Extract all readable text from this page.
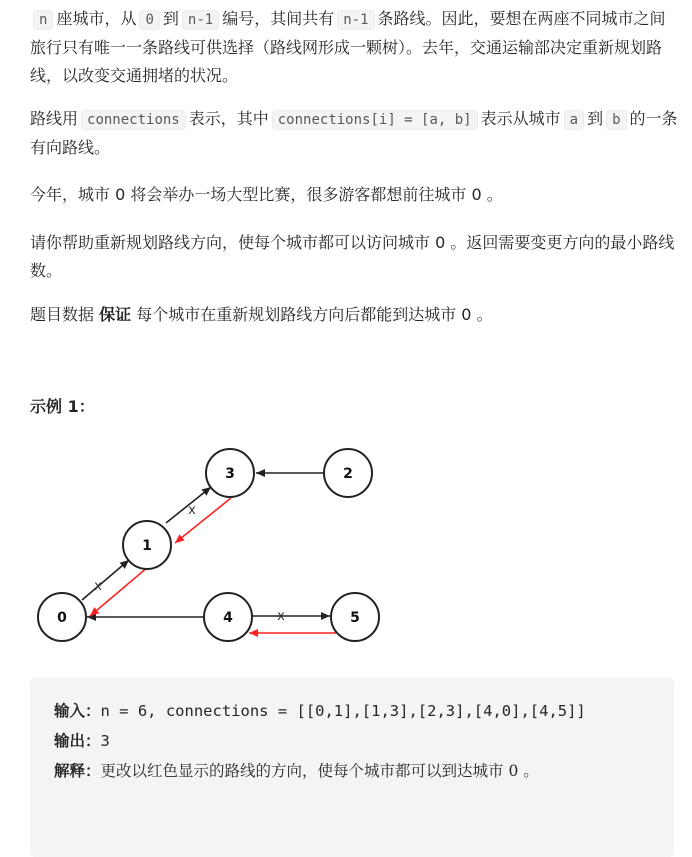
n 座城市，从 0 到 n-1 编号，其间共有 n-1 条路线。因此，要想在两座不同城市之间旅行只有唯一一条路线可供选择（路线网形成一颗树）。去年，交通运输部决定重新规划路线，以改变交通拥堵的状况。

路线用 connections 表示，其中 connections[i] = [a, b] 表示从城市 a 到 b 的一条有向路线。

今年，城市 0 将会举办一场大型比赛，很多游客都想前往城市 0 。

请你帮助重新规划路线方向，使每个城市都可以访问城市 0 。返回需要变更方向的最小路线数。

题目数据 保证 每个城市在重新规划路线方向后都能到达城市 0 。

示例 1：
x
x
x
0
1
3	2
4	5
输入：n = 6, connections = [[0,1],[1,3],[2,3],[4,0],[4,5]]
输出：3
解释：更改以红色显示的路线的方向，使每个城市都可以到达城市 0 。
